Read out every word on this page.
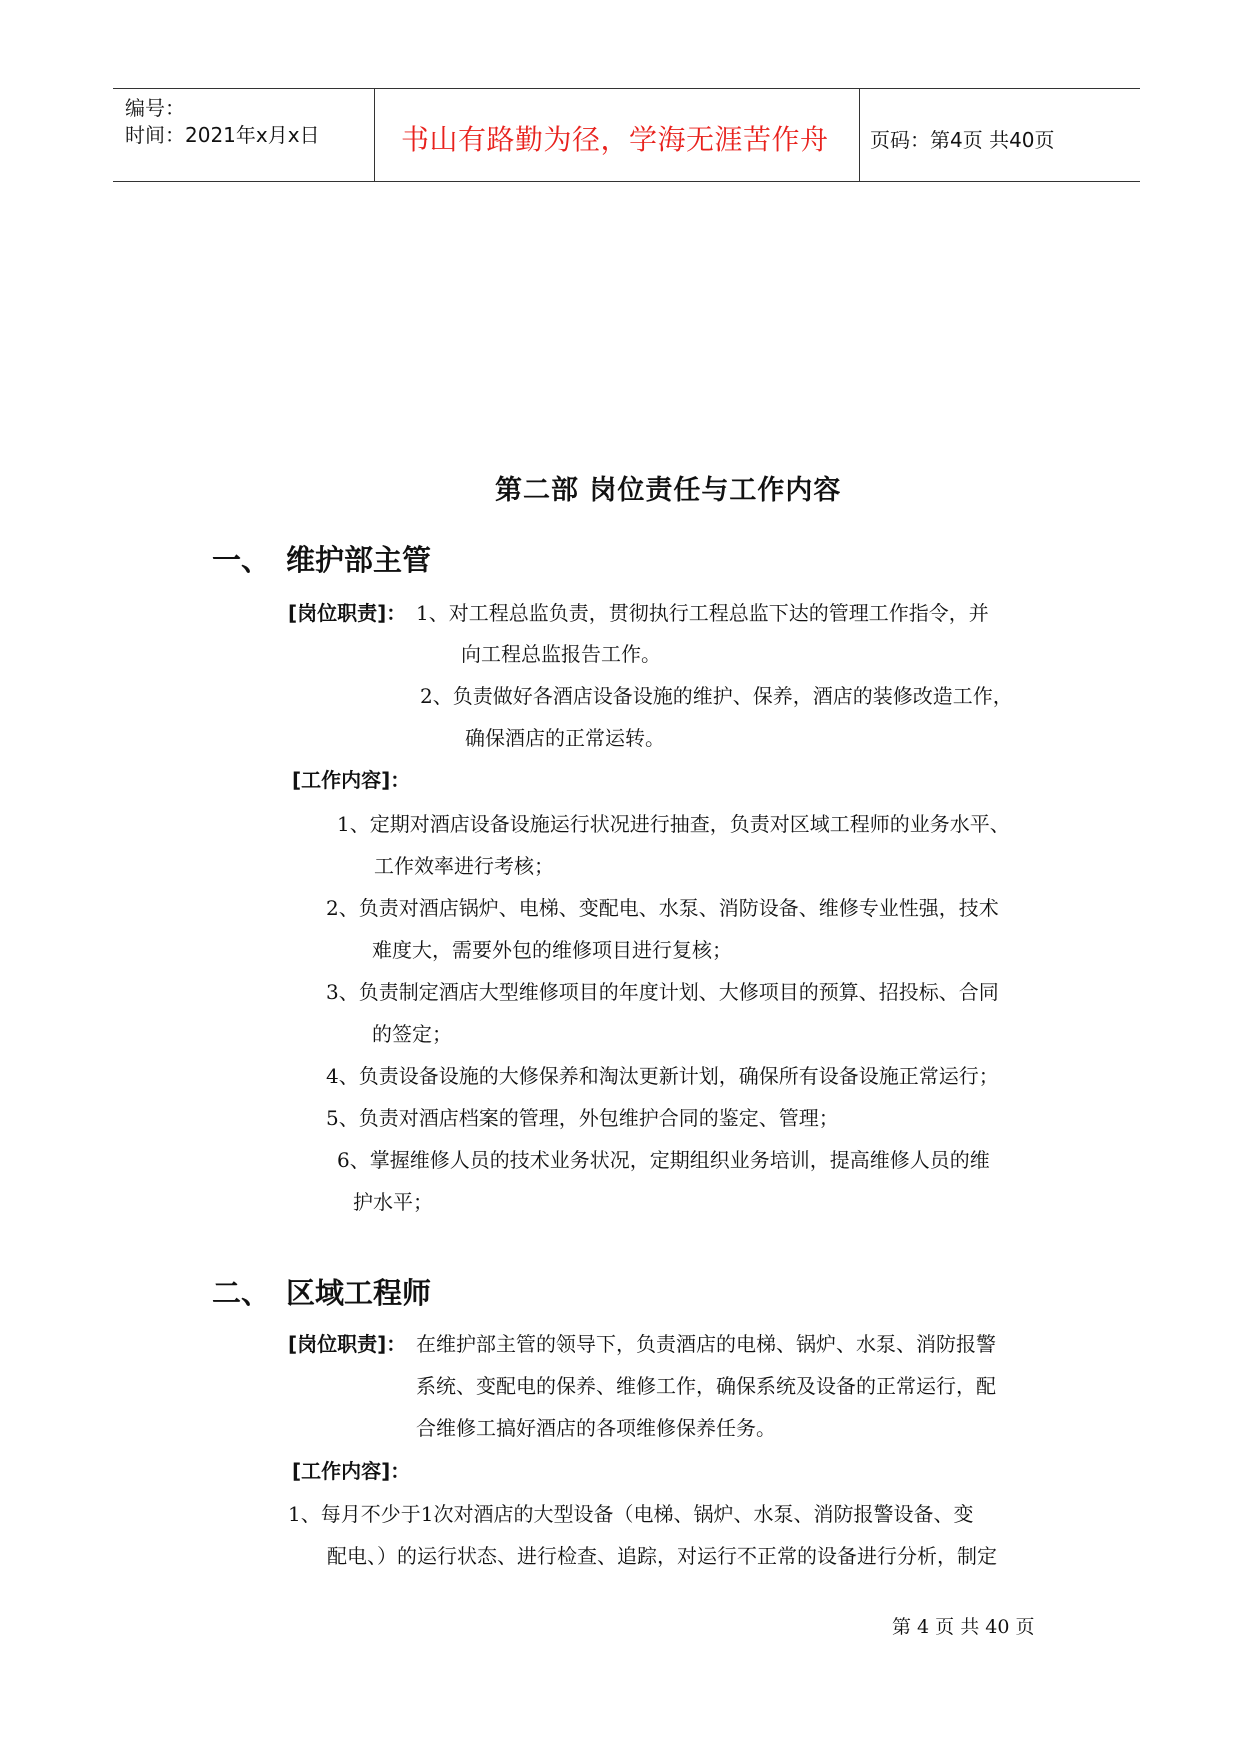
编号：
时间：2021年x月x日	书山有路勤为径，学海无涯苦作舟 页码：第4页 共40页
第二部 岗位责任与工作内容
一、 维护部主管
[岗位职责]： 1、对工程总监负责，贯彻执行工程总监下达的管理工作指令，并
向工程总监报告工作。
2、负责做好各酒店设备设施的维护、保养，酒店的装修改造工作，
确保酒店的正常运转。
[工作内容]：
1、定期对酒店设备设施运行状况进行抽查，负责对区域工程师的业务水平、
工作效率进行考核；
2、负责对酒店锅炉、电梯、变配电、水泵、消防设备、维修专业性强，技术
难度大，需要外包的维修项目进行复核；
3、负责制定酒店大型维修项目的年度计划、大修项目的预算、招投标、合同
的签定；
4、负责设备设施的大修保养和淘汰更新计划，确保所有设备设施正常运行；
5、负责对酒店档案的管理，外包维护合同的鉴定、管理；
6、掌握维修人员的技术业务状况，定期组织业务培训，提高维修人员的维
护水平；
二、 区域工程师
[岗位职责]： 在维护部主管的领导下，负责酒店的电梯、锅炉、水泵、消防报警
系统、变配电的保养、维修工作，确保系统及设备的正常运行，配
合维修工搞好酒店的各项维修保养任务。
[工作内容]：
1、每月不少于1次对酒店的大型设备（电梯、锅炉、水泵、消防报警设备、变
配电、）的运行状态、进行检查、追踪，对运行不正常的设备进行分析，制定
第 4 页 共 40 页
